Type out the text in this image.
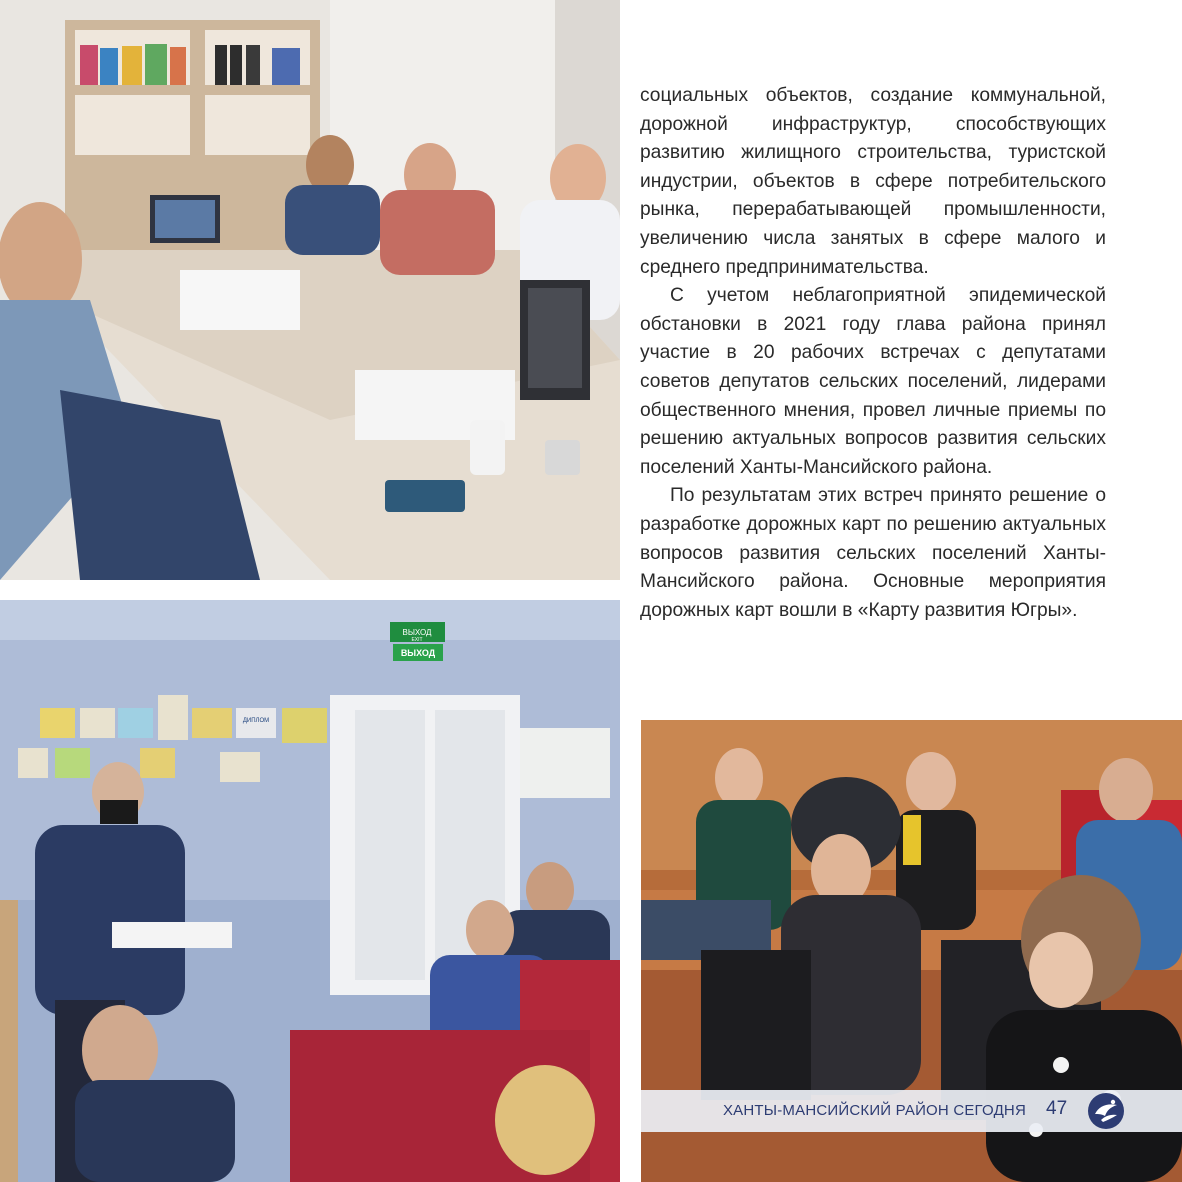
социальных объектов, создание коммунальной, дорожной инфраструктур, способствующих развитию жилищного строительства, туристской индустрии, объектов в сфере потребительского рынка, перерабатывающей промышленности, увеличению числа занятых в сфере малого и среднего предпринимательства.

С учетом неблагоприятной эпидемической обстановки в 2021 году глава района принял участие в 20 рабочих встречах с депутатами советов депутатов сельских поселений, лидерами общественного мнения, провел личные приемы по решению актуальных вопросов развития сельских поселений Ханты-Мансийского района.

По результатам этих встреч принято решение о разработке дорожных карт по решению актуальных вопросов развития сельских поселений Ханты-Мансийского района. Основные мероприятия дорожных карт вошли в «Карту развития Югры».

ВЫХОД
EXIT
ВЫХОД
ДИПЛОМ
ХАНТЫ-МАНСИЙСКИЙ РАЙОН СЕГОДНЯ 47
